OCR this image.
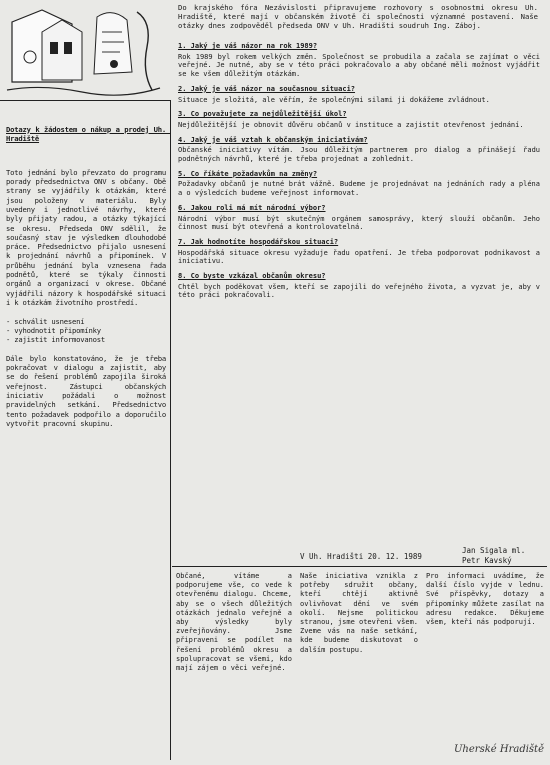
Dotazy k žádostem o nákup a prodej Uh. Hradiště

Toto jednání bylo převzato do programu porady předsednictva ONV s občany. Obě strany se vyjádřily k otázkám, které jsou položeny v materiálu. Byly uvedeny i jednotlivé návrhy, které byly přijaty radou, a otázky týkající se okresu. Předseda ONV sdělil, že současný stav je výsledkem dlouhodobé práce. Předsednictvo přijalo usnesení k projednání návrhů a připomínek. V průběhu jednání byla vznesena řada podnětů, které se týkaly činnosti orgánů a organizací v okrese. Občané vyjádřili názory k hospodářské situaci i k otázkám životního prostředí.

- schválit usnesení
- vyhodnotit připomínky
- zajistit informovanost

Dále bylo konstatováno, že je třeba pokračovat v dialogu a zajistit, aby se do řešení problémů zapojila široká veřejnost. Zástupci občanských iniciativ požádali o možnost pravidelných setkání. Předsednictvo tento požadavek podpořilo a doporučilo vytvořit pracovní skupinu.

Do krajského fóra Nezávislosti připravujeme rozhovory s osobnostmi okresu Uh. Hradiště, které mají v občanském životě či společnosti významné postavení. Naše otázky dnes zodpověděl předseda ONV v Uh. Hradišti soudruh Ing. Záboj.
1. Jaký je váš názor na rok 1989?
Rok 1989 byl rokem velkých změn. Společnost se probudila a začala se zajímat o věci veřejné. Je nutné, aby se v této práci pokračovalo a aby občané měli možnost vyjádřit se ke všem důležitým otázkám.
2. Jaký je váš názor na současnou situaci?
Situace je složitá, ale věřím, že společnými silami ji dokážeme zvládnout.
3. Co považujete za nejdůležitější úkol?
Nejdůležitější je obnovit důvěru občanů v instituce a zajistit otevřenost jednání.
4. Jaký je váš vztah k občanským iniciativám?
Občanské iniciativy vítám. Jsou důležitým partnerem pro dialog a přinášejí řadu podnětných návrhů, které je třeba projednat a zohlednit.
5. Co říkáte požadavkům na změny?
Požadavky občanů je nutné brát vážně. Budeme je projednávat na jednáních rady a pléna a o výsledcích budeme veřejnost informovat.
6. Jakou roli má mít národní výbor?
Národní výbor musí být skutečným orgánem samosprávy, který slouží občanům. Jeho činnost musí být otevřená a kontrolovatelná.
7. Jak hodnotíte hospodářskou situaci?
Hospodářská situace okresu vyžaduje řadu opatření. Je třeba podporovat podnikavost a iniciativu.
8. Co byste vzkázal občanům okresu?
Chtěl bych poděkovat všem, kteří se zapojili do veřejného života, a vyzvat je, aby v této práci pokračovali.
V Uh. Hradišti 20. 12. 1989
Jan Sigala ml.
Petr Kavský
Občané, vítáme a podporujeme vše, co vede k otevřenému dialogu. Chceme, aby se o všech důležitých otázkách jednalo veřejně a aby výsledky byly zveřejňovány. Jsme připraveni se podílet na řešení problémů okresu a spolupracovat se všemi, kdo mají zájem o věci veřejné.
Naše iniciativa vznikla z potřeby sdružit občany, kteří chtějí aktivně ovlivňovat dění ve svém okolí. Nejsme politickou stranou, jsme otevřeni všem. Zveme vás na naše setkání, kde budeme diskutovat o dalším postupu.
Pro informaci uvádíme, že další číslo vyjde v lednu. Své příspěvky, dotazy a připomínky můžete zasílat na adresu redakce. Děkujeme všem, kteří nás podporují.
Uherské Hradiště
